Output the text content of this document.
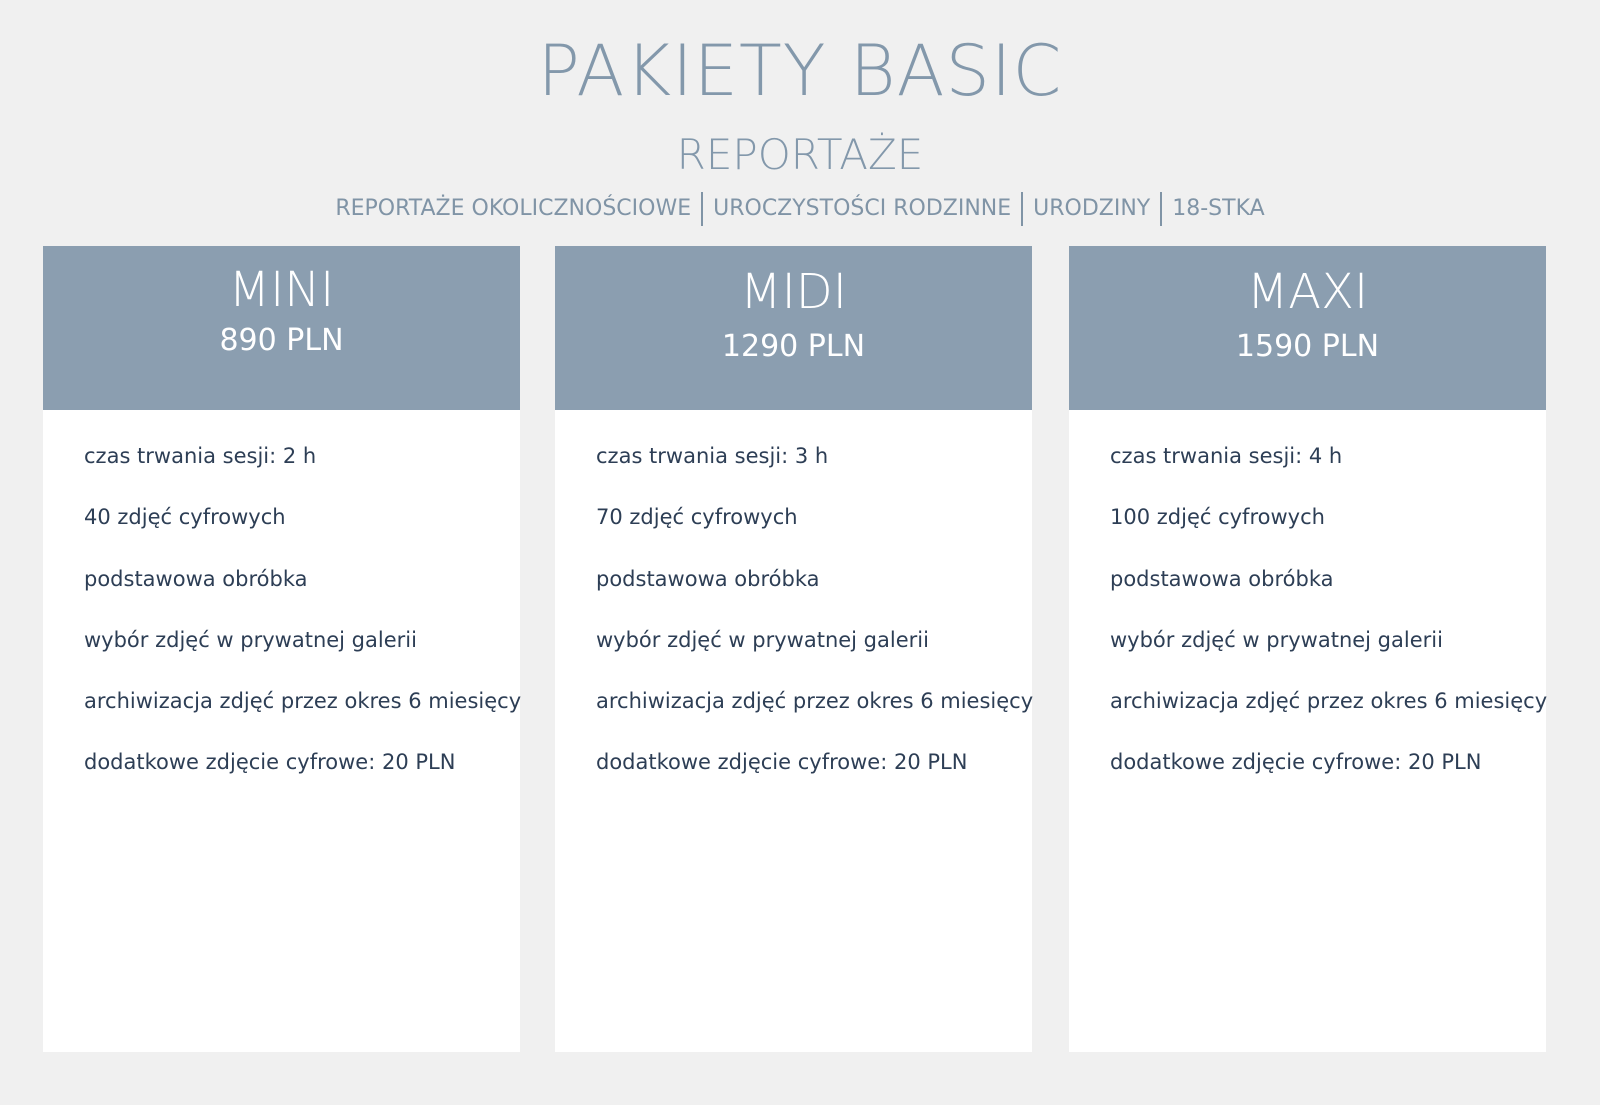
PAKIETY BASIC
REPORTAŻE
REPORTAŻE OKOLICZNOŚCIOWE	UROCZYSTOŚCI RODZINNE	URODZINY	18-STKA
MINI
890 PLN
czas trwania sesji: 2 h
40 zdjęć cyfrowych
podstawowa obróbka
wybór zdjęć w prywatnej galerii
archiwizacja zdjęć przez okres 6 miesięcy
dodatkowe zdjęcie cyfrowe: 20 PLN
MIDI
1290 PLN
czas trwania sesji: 3 h
70 zdjęć cyfrowych
podstawowa obróbka
wybór zdjęć w prywatnej galerii
archiwizacja zdjęć przez okres 6 miesięcy
dodatkowe zdjęcie cyfrowe: 20 PLN
MAXI
1590 PLN
czas trwania sesji: 4 h
100 zdjęć cyfrowych
podstawowa obróbka
wybór zdjęć w prywatnej galerii
archiwizacja zdjęć przez okres 6 miesięcy
dodatkowe zdjęcie cyfrowe: 20 PLN
